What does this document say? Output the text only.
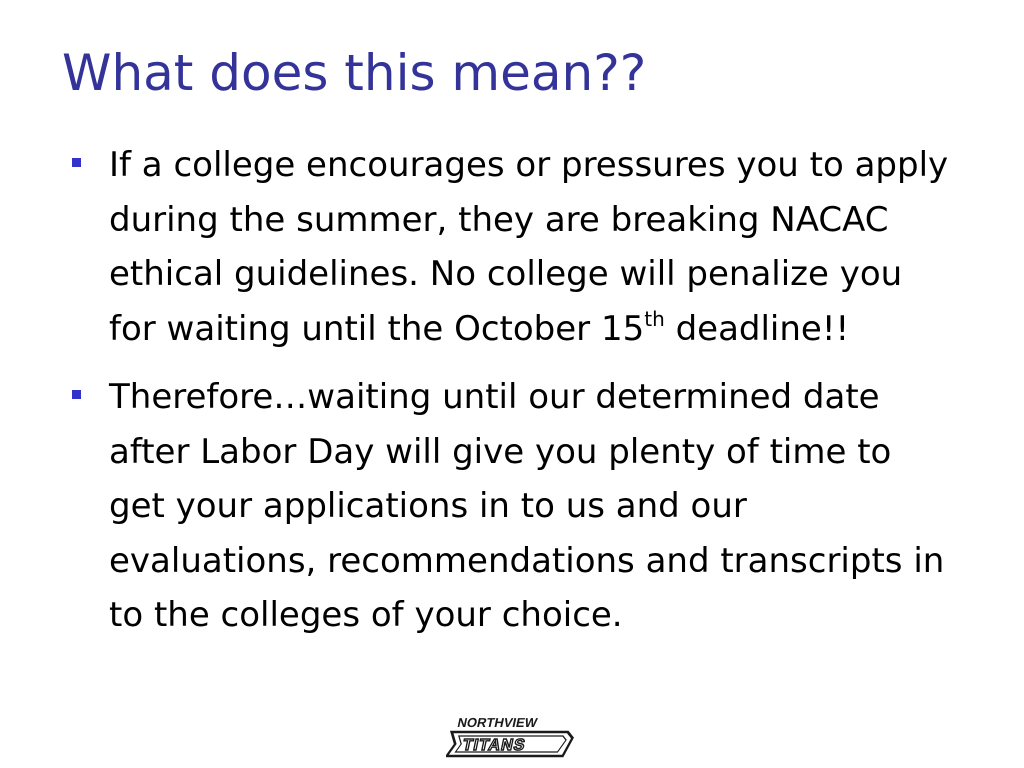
What does this mean??
If a college encourages or pressures you to apply during the summer, they are breaking NACAC ethical guidelines. No college will penalize you for waiting until the October 15th deadline!!
Therefore…waiting until our determined date after Labor Day will give you plenty of time to get your applications in to us and our evaluations, recommendations and transcripts in to the colleges of your choice.
NORTHVIEW
TITANS
